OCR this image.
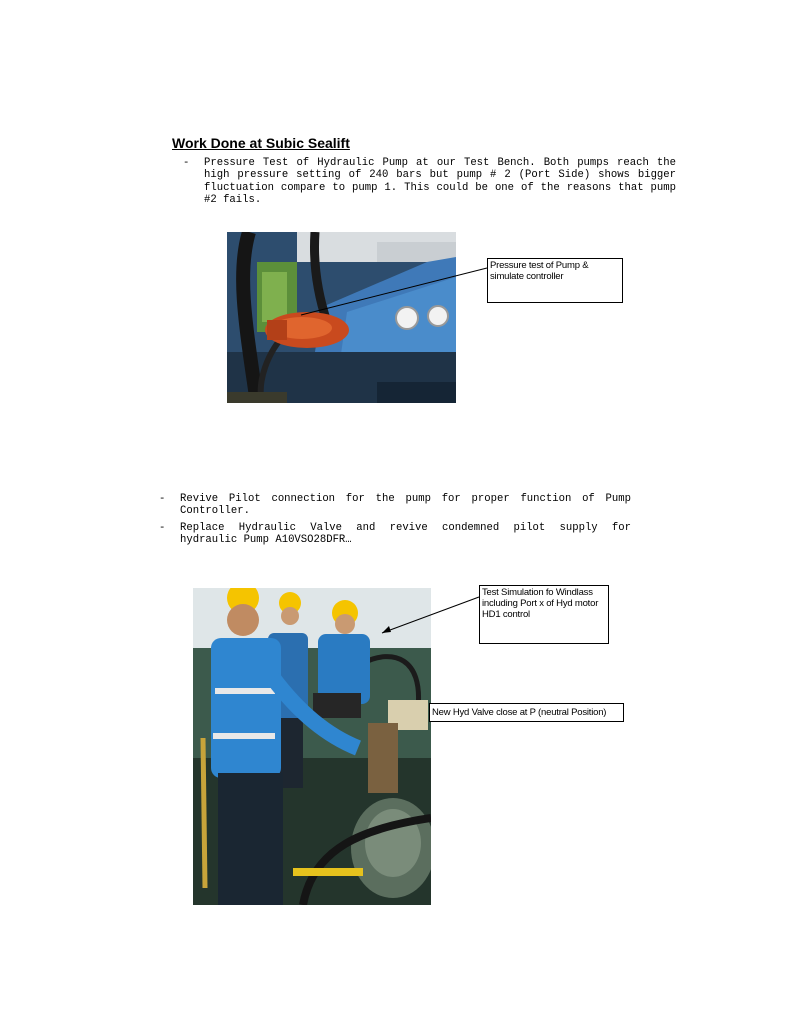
Work Done at Subic Sealift

- Pressure Test of Hydraulic Pump at our Test Bench. Both pumps reach the high pressure setting of 240 bars but pump # 2 (Port Side) shows bigger fluctuation compare to pump 1. This could be one of the reasons that pump #2 fails.

Pressure test of Pump & simulate controller

- Revive Pilot connection for the pump for proper function of Pump Controller.

- Replace Hydraulic Valve and revive condemned pilot supply for hydraulic Pump A10VSO28DFR…

Test Simulation fo Windlass including Port x of Hyd motor HD1 control
New Hyd Valve close at P (neutral Position)
